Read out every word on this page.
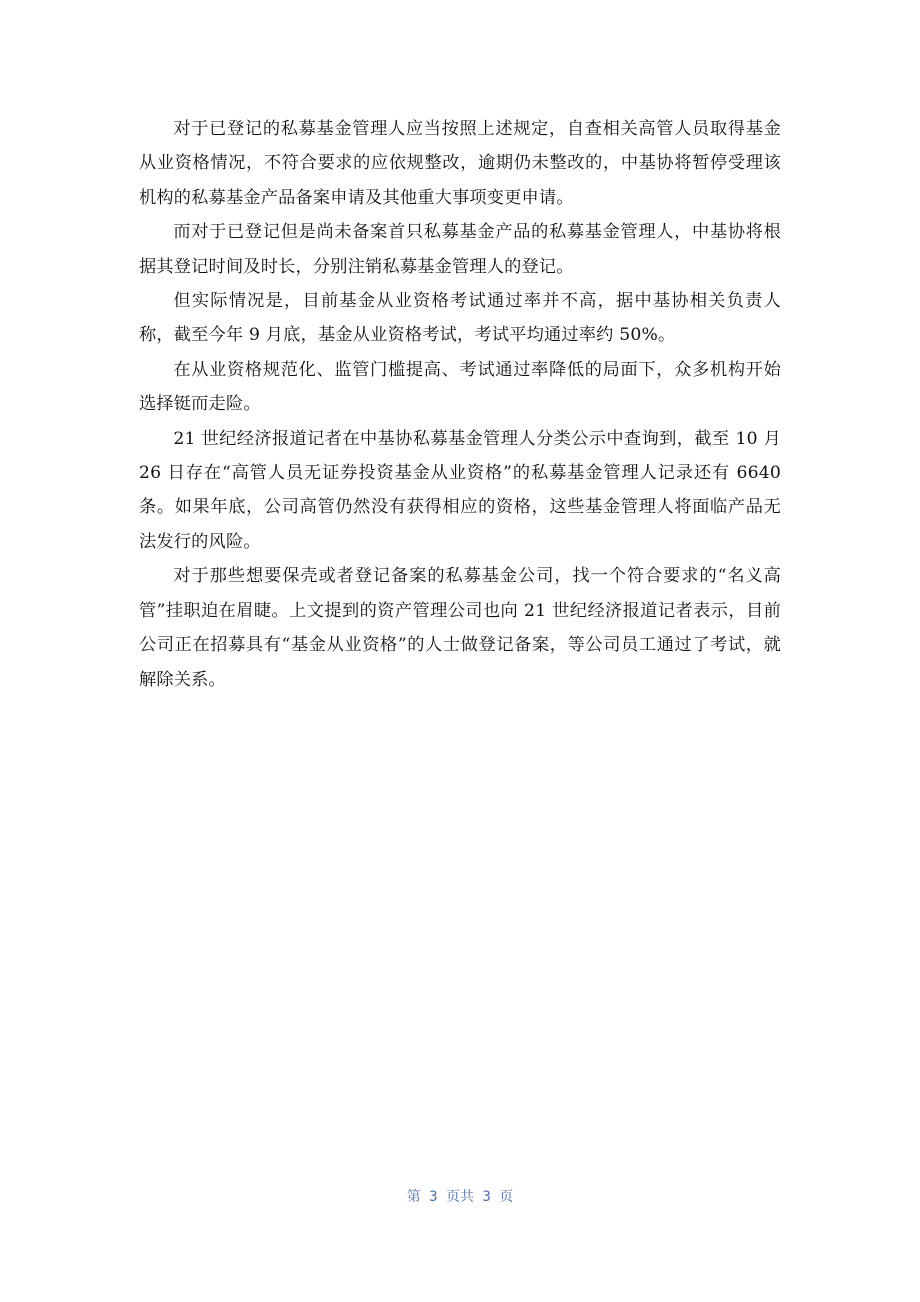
对于已登记的私募基金管理人应当按照上述规定，自查相关高管人员取得基金从业资格情况，不符合要求的应依规整改，逾期仍未整改的，中基协将暂停受理该机构的私募基金产品备案申请及其他重大事项变更申请。

而对于已登记但是尚未备案首只私募基金产品的私募基金管理人，中基协将根据其登记时间及时长，分别注销私募基金管理人的登记。

但实际情况是，目前基金从业资格考试通过率并不高，据中基协相关负责人称，截至今年 9 月底，基金从业资格考试，考试平均通过率约 50%。

在从业资格规范化、监管门槛提高、考试通过率降低的局面下，众多机构开始选择铤而走险。

21 世纪经济报道记者在中基协私募基金管理人分类公示中查询到，截至 10 月 26 日存在“高管人员无证券投资基金从业资格”的私募基金管理人记录还有 6640 条。如果年底，公司高管仍然没有获得相应的资格，这些基金管理人将面临产品无法发行的风险。

对于那些想要保壳或者登记备案的私募基金公司，找一个符合要求的“名义高管”挂职迫在眉睫。上文提到的资产管理公司也向 21 世纪经济报道记者表示，目前公司正在招募具有“基金从业资格”的人士做登记备案，等公司员工通过了考试，就解除关系。

第 3 页共 3 页
